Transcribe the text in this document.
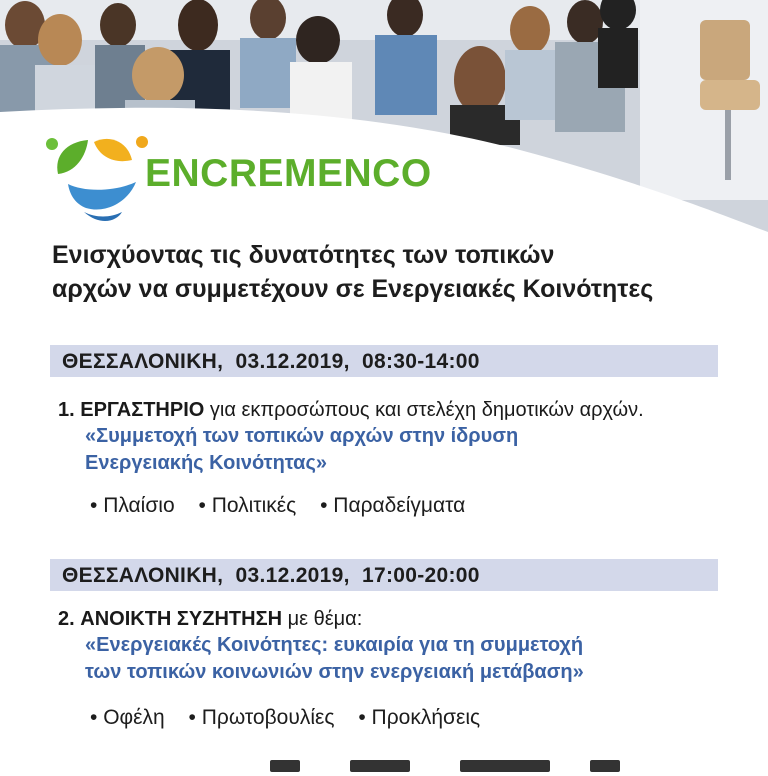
ENCREMENCO
Ενισχύοντας τις δυνατότητες των τοπικών
αρχών να συμμετέχουν σε Ενεργειακές Κοινότητες
ΘΕΣΣΑΛΟΝΙΚΗ,  03.12.2019,  08:30-14:00
1. ΕΡΓΑΣΤΗΡΙΟ για εκπροσώπους και στελέχη δημοτικών αρχών.
«Συμμετοχή των τοπικών αρχών στην ίδρυση
Ενεργειακής Κοινότητας»
• Πλαίσιο • Πολιτικές • Παραδείγματα
ΘΕΣΣΑΛΟΝΙΚΗ,  03.12.2019,  17:00-20:00
2. ΑΝΟΙΚΤΗ ΣΥΖΗΤΗΣΗ με θέμα:
«Ενεργειακές Κοινότητες: ευκαιρία για τη συμμετοχή
των τοπικών κοινωνιών στην ενεργειακή μετάβαση»
• Οφέλη • Πρωτοβουλίες • Προκλήσεις
